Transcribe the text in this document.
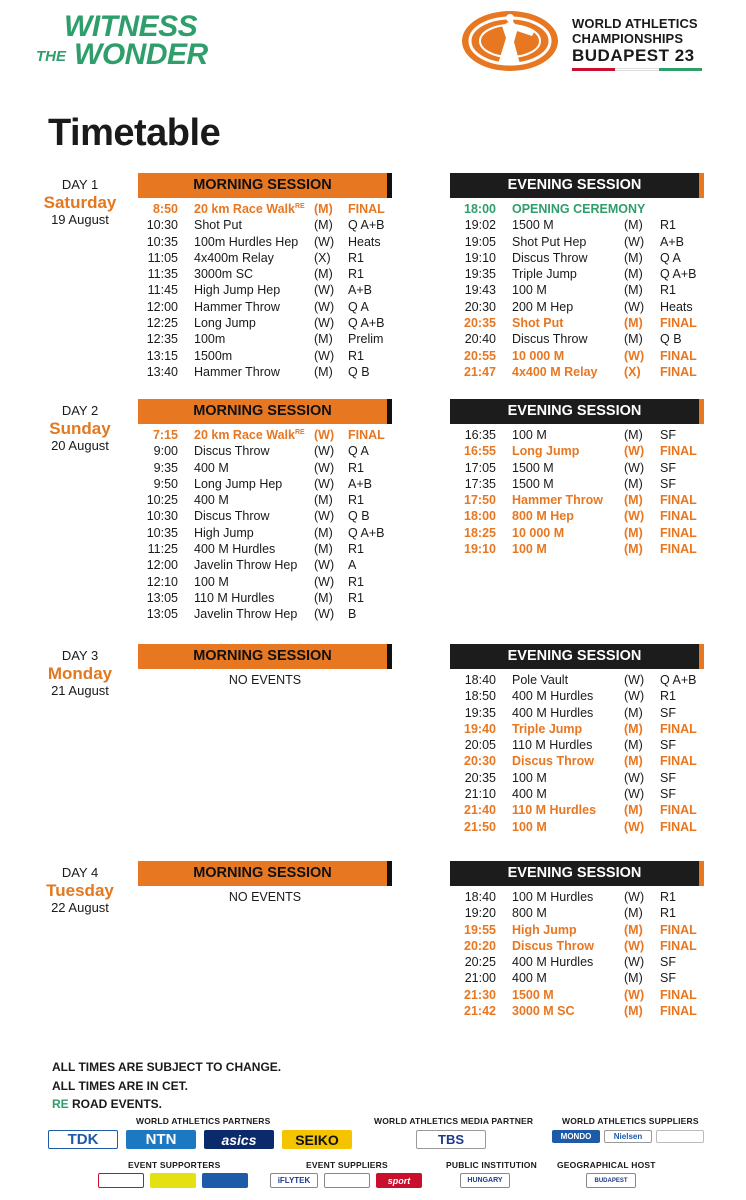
WITNESS
THE WONDER
WORLD ATHLETICS
CHAMPIONSHIPS
BUDAPEST 23
Timetable
DAY 1
Saturday
19 August
MORNING SESSION	EVENING SESSION
8:50 20 km Race Walk$^{RE}$ (M) FINAL
10:30 Shot Put	(M) Q A+B
10:35 100m Hurdles Hep (W) Heats
11:05 4x400m Relay	(X) R1
11:35 3000m SC	(M) R1
11:45 High Jump Hep	(W) A+B
12:00 Hammer Throw	(W) Q A
12:25 Long Jump	(W) Q A+B
12:35 100m	(M) Prelim
13:15 1500m	(W) R1
13:40 Hammer Throw	(M) Q B
18:00 OPENING CEREMONY
19:02 1500 M	(M) R1
19:05 Shot Put Hep	(W) A+B
19:10 Discus Throw	(M) Q A
19:35 Triple Jump	(M) Q A+B
19:43 100 M	(M) R1
20:30 200 M Hep	(W) Heats
20:35 Shot Put	(M) FINAL
20:40 Discus Throw	(M) Q B
20:55 10 000 M	(W) FINAL
21:47 4x400 M Relay (X) FINAL
DAY 2
Sunday
20 August
MORNING SESSION	EVENING SESSION
7:15 20 km Race Walk$^{RE}$ (W) FINAL
9:00 Discus Throw	(W) Q A
9:35 400 M	(W) R1
9:50 Long Jump Hep	(W) A+B
10:25 400 M	(M) R1
10:30 Discus Throw	(W) Q B
10:35 High Jump	(M) Q A+B
11:25 400 M Hurdles	(M) R1
12:00 Javelin Throw Hep (W) A
12:10 100 M	(W) R1
13:05 110 M Hurdles	(M) R1
13:05 Javelin Throw Hep (W) B
16:35 100 M	(M) SF
16:55 Long Jump	(W) FINAL
17:05 1500 M	(W) SF
17:35 1500 M	(M) SF
17:50 Hammer Throw (M) FINAL
18:00 800 M Hep	(W) FINAL
18:25 10 000 M	(M) FINAL
19:10 100 M	(M) FINAL
DAY 3
Monday
21 August
MORNING SESSION	EVENING SESSION
NO EVENTS	18:40 Pole Vault	(W) Q A+B
18:50 400 M Hurdles (W) R1
19:35 400 M Hurdles (M) SF
19:40 Triple Jump	(M) FINAL
20:05 110 M Hurdles	(M) SF
20:30 Discus Throw (M) FINAL
20:35 100 M	(W) SF
21:10 400 M	(W) SF
21:40 110 M Hurdles (M) FINAL
21:50 100 M	(W) FINAL
DAY 4
Tuesday
22 August
MORNING SESSION	EVENING SESSION
NO EVENTS	18:40 100 M Hurdles (W) R1
19:20 800 M	(M) R1
19:55 High Jump	(M) FINAL
20:20 Discus Throw (W) FINAL
20:25 400 M Hurdles (W) SF
21:00 400 M	(M) SF
21:30 1500 M	(W) FINAL
21:42 3000 M SC	(M) FINAL
ALL TIMES ARE SUBJECT TO CHANGE.
ALL TIMES ARE IN CET.
RE ROAD EVENTS.
WORLD ATHLETICS PARTNERS	WORLD ATHLETICS MEDIA PARTNER	WORLD ATHLETICS SUPPLIERS
TDK	NTN	asics	SEIKO	TBS	MONDO	Nielsen
EVENT SUPPORTERS	EVENT SUPPLIERS	PUBLIC INSTITUTION GEOGRAPHICAL HOST
iFLYTEK	sport	HUNGARY	BUDAPEST
